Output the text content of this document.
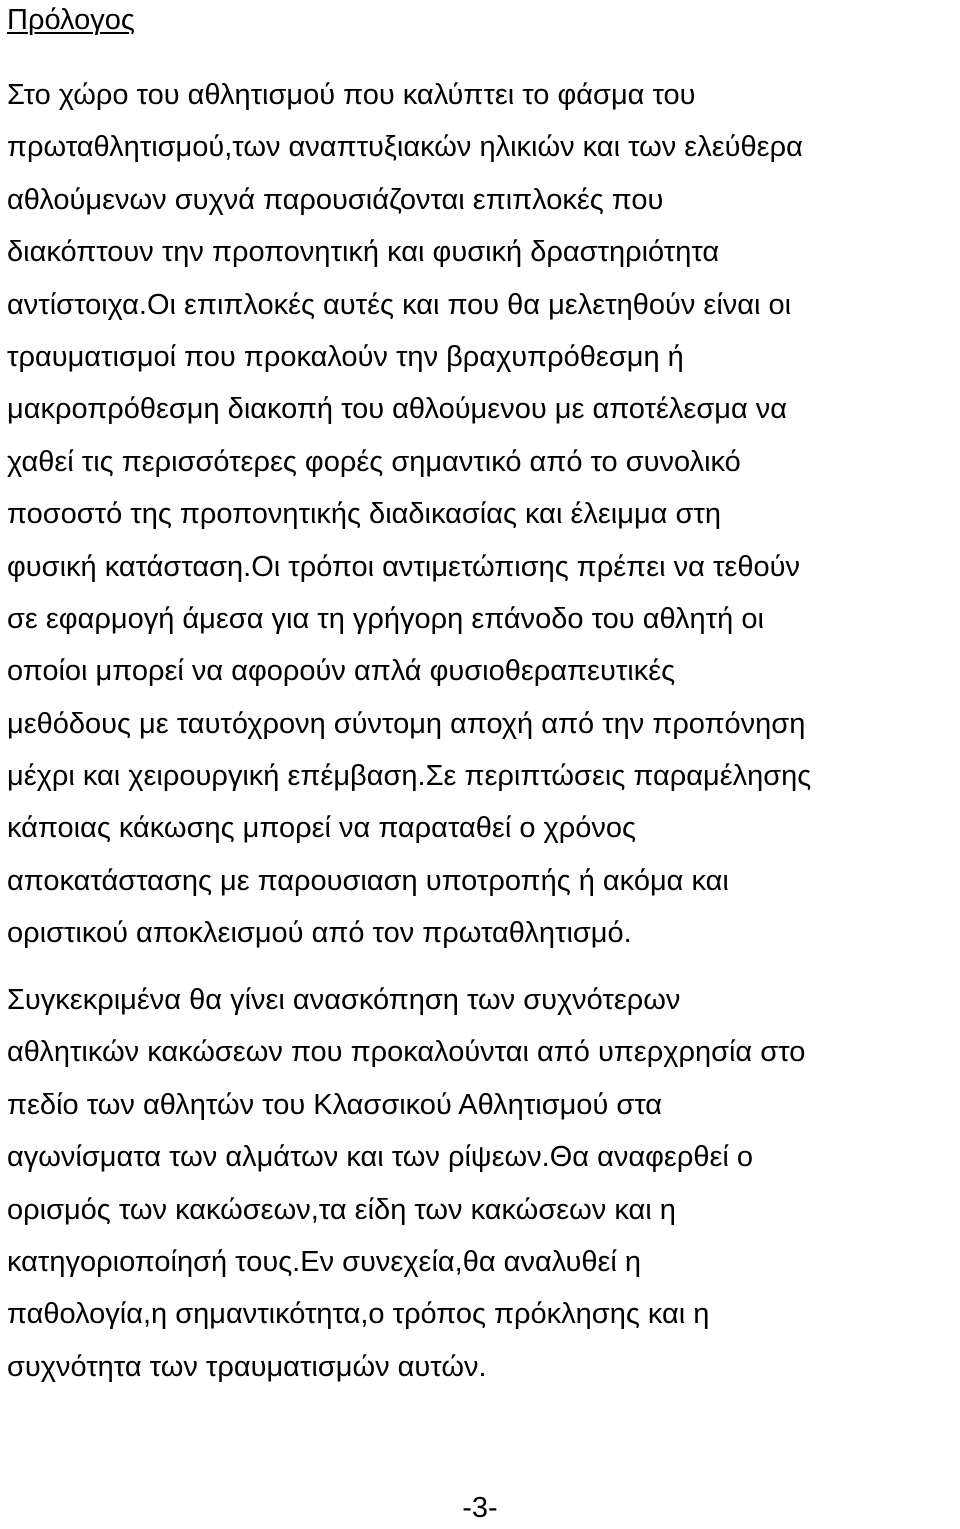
Πρόλογος
Στο χώρο του αθλητισμού που καλύπτει το φάσμα του
πρωταθλητισμού,των αναπτυξιακών ηλικιών και των ελεύθερα
αθλούμενων συχνά παρουσιάζονται επιπλοκές που
διακόπτουν την προπονητική και φυσική δραστηριότητα
αντίστοιχα.Οι επιπλοκές αυτές και που θα μελετηθούν είναι οι
τραυματισμοί που προκαλούν την βραχυπρόθεσμη ή
μακροπρόθεσμη διακοπή του αθλούμενου με αποτέλεσμα να
χαθεί τις περισσότερες φορές σημαντικό από το συνολικό
ποσοστό της προπονητικής διαδικασίας και έλειμμα στη
φυσική κατάσταση.Οι τρόποι αντιμετώπισης πρέπει να τεθούν
σε εφαρμογή άμεσα για τη γρήγορη επάνοδο του αθλητή οι
οποίοι μπορεί να αφορούν απλά φυσιοθεραπευτικές
μεθόδους με ταυτόχρονη σύντομη αποχή από την προπόνηση
μέχρι και χειρουργική επέμβαση.Σε περιπτώσεις παραμέλησης
κάποιας κάκωσης μπορεί να παραταθεί ο χρόνος
αποκατάστασης με παρουσιαση υποτροπής ή ακόμα και
οριστικού αποκλεισμού από τον πρωταθλητισμό.
Συγκεκριμένα θα γίνει ανασκόπηση των συχνότερων
αθλητικών κακώσεων που προκαλούνται από υπερχρησία στο
πεδίο των αθλητών του Κλασσικού Αθλητισμού στα
αγωνίσματα των αλμάτων και των ρίψεων.Θα αναφερθεί ο
ορισμός των κακώσεων,τα είδη των κακώσεων και η
κατηγοριοποίησή τους.Εν συνεχεία,θα αναλυθεί η
παθολογία,η σημαντικότητα,ο τρόπος πρόκλησης και η
συχνότητα των τραυματισμών αυτών.

-3-
